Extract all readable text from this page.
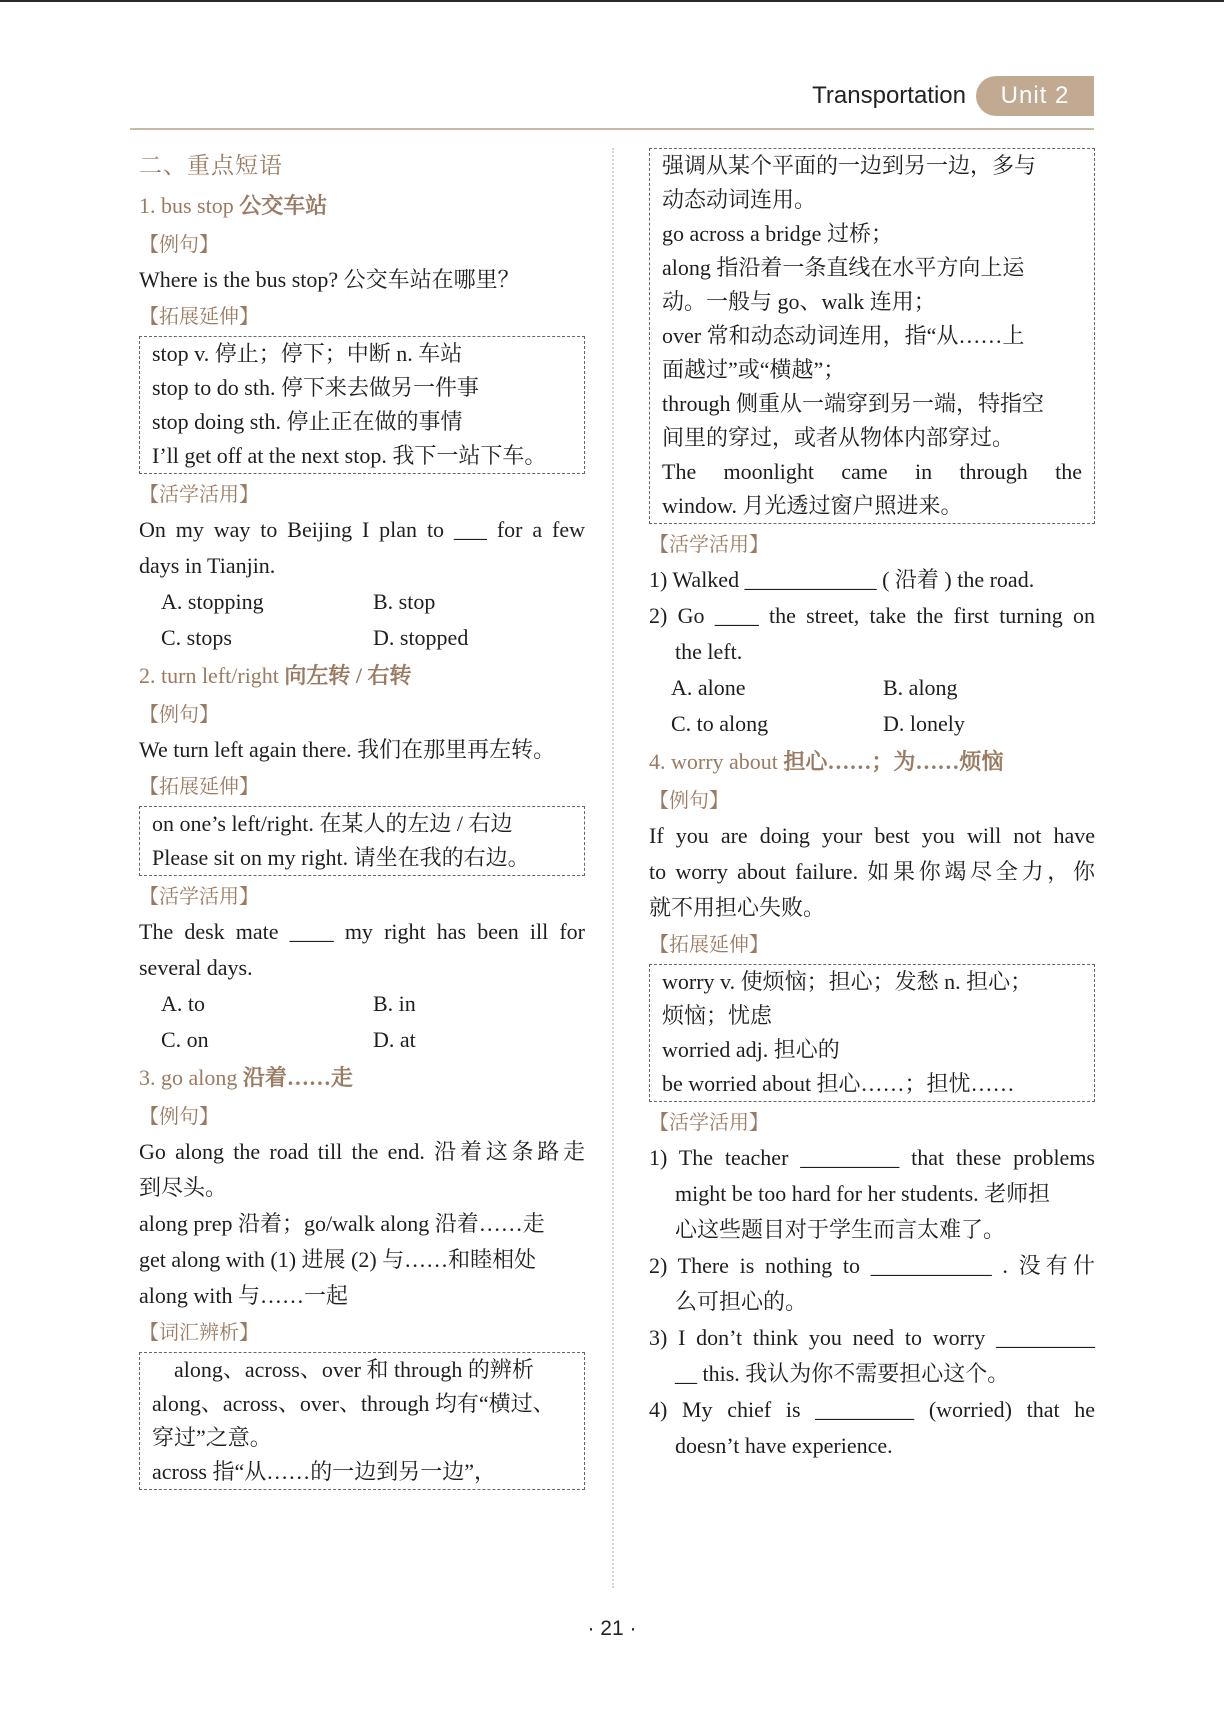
Transportation	Unit 2
二、重点短语
1. bus stop 公交车站
【例句】
Where is the bus stop? 公交车站在哪里？
【拓展延伸】
stop v. 停止；停下；中断 n. 车站
stop to do sth. 停下来去做另一件事
stop doing sth. 停止正在做的事情
I’ll get off at the next stop. 我下一站下车。
【活学活用】
On my way to Beijing I plan to ___ for a few
days in Tianjin.
A. stopping	B. stop
C. stops	D. stopped
2. turn left/right 向左转 / 右转
【例句】
We turn left again there. 我们在那里再左转。
【拓展延伸】
on one’s left/right. 在某人的左边 / 右边
Please sit on my right. 请坐在我的右边。
【活学活用】
The desk mate ____ my right has been ill for
several days.
A. to	B. in
C. on	D. at
3. go along 沿着……走
【例句】
Go along the road till the end. 沿着这条路走
到尽头。
along prep 沿着；go/walk along 沿着……走
get along with (1) 进展 (2) 与……和睦相处
along with 与……一起
【词汇辨析】
along、across、over 和 through 的辨析
along、across、over、through 均有“横过、
穿过”之意。
across 指“从……的一边到另一边”，
强调从某个平面的一边到另一边，多与
动态动词连用。
go across a bridge 过桥；
along 指沿着一条直线在水平方向上运
动。一般与 go、walk 连用；
over 常和动态动词连用，指“从……上
面越过”或“横越”；
through 侧重从一端穿到另一端，特指空
间里的穿过，或者从物体内部穿过。
The moonlight came in through the
window. 月光透过窗户照进来。
【活学活用】
1) Walked ____________ ( 沿着 ) the road.
2) Go ____ the street, take the first turning on
the left.
A. alone	B. along
C. to along	D. lonely
4. worry about 担心……；为……烦恼
【例句】
If you are doing your best you will not have
to worry about failure. 如果你竭尽全力，你
就不用担心失败。
【拓展延伸】
worry v. 使烦恼；担心；发愁 n. 担心；
烦恼；忧虑
worried adj. 担心的
be worried about 担心……；担忧……
【活学活用】
1) The teacher _________ that these problems
might be too hard for her students. 老师担
心这些题目对于学生而言太难了。
2) There is nothing to ___________ . 没有什
么可担心的。
3) I don’t think you need to worry _________
__ this. 我认为你不需要担心这个。
4) My chief is _________ (worried) that he
doesn’t have experience.
· 21 ·
